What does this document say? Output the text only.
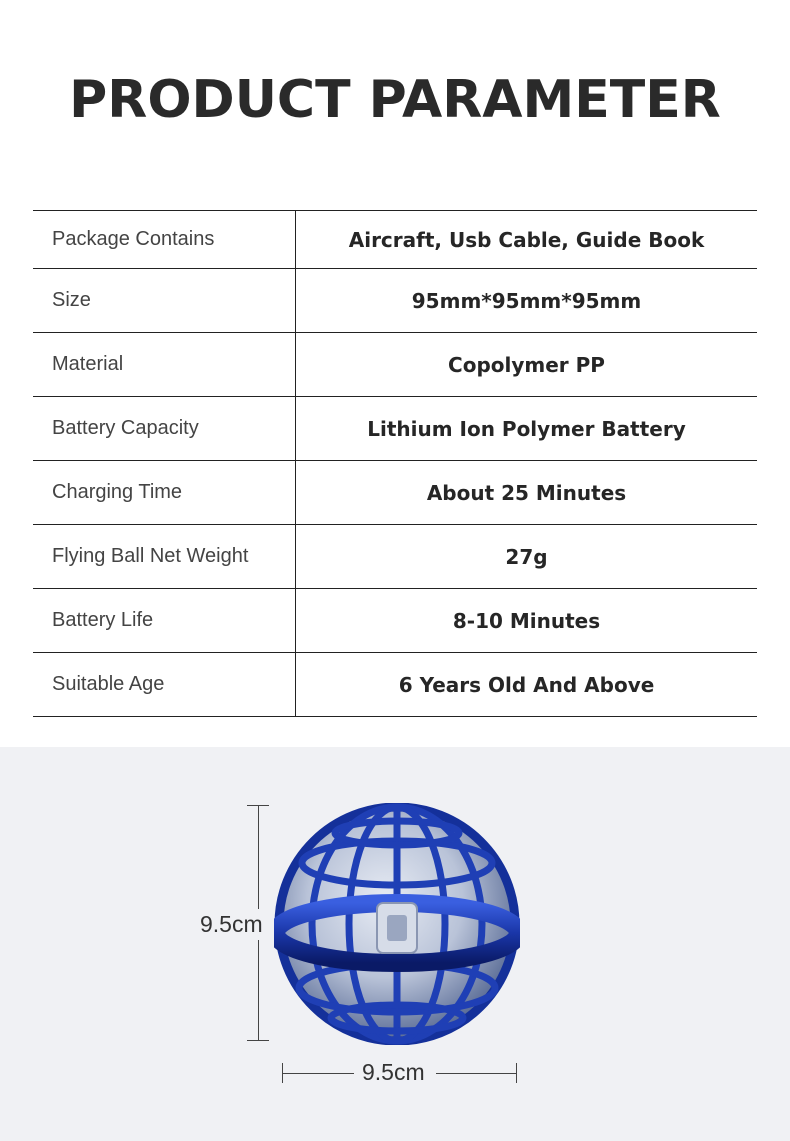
PRODUCT PARAMETER
Package Contains	Aircraft, Usb Cable, Guide Book
Size	95mm*95mm*95mm
Material	Copolymer PP
Battery Capacity	Lithium Ion Polymer Battery
Charging Time	About 25 Minutes
Flying Ball Net Weight	27g
Battery Life	8-10 Minutes
Suitable Age	6 Years Old And Above
9.5cm
9.5cm
